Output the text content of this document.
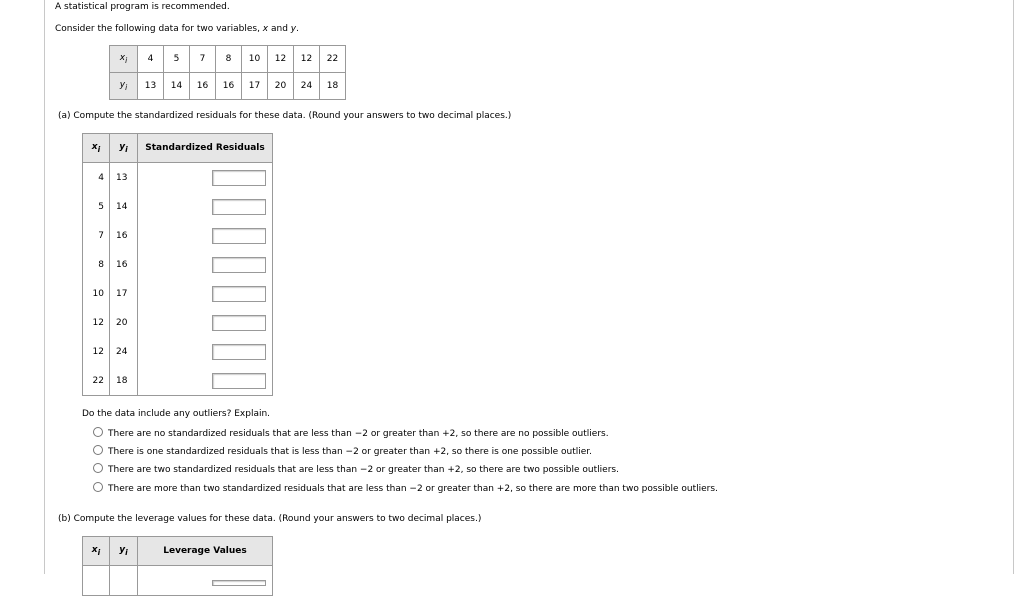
A statistical program is recommended.
Consider the following data for two variables, x and y.
$x_i$	4	5	7	8	10	12	12	22
$y_i$	13	14	16	16	17	20	24	18
(a) Compute the standardized residuals for these data. (Round your answers to two decimal places.)
$x_i$	$y_i$	Standardized Residuals
4	13	
5	14	
7	16	
8	16	
10	17	
12	20	
12	24	
22	18	
Do the data include any outliers? Explain.
There are no standardized residuals that are less than −2 or greater than +2, so there are no possible outliers.
There is one standardized residuals that is less than −2 or greater than +2, so there is one possible outlier.
There are two standardized residuals that are less than −2 or greater than +2, so there are two possible outliers.
There are more than two standardized residuals that are less than −2 or greater than +2, so there are more than two possible outliers.
(b) Compute the leverage values for these data. (Round your answers to two decimal places.)
$x_i$	$y_i$	Leverage Values
